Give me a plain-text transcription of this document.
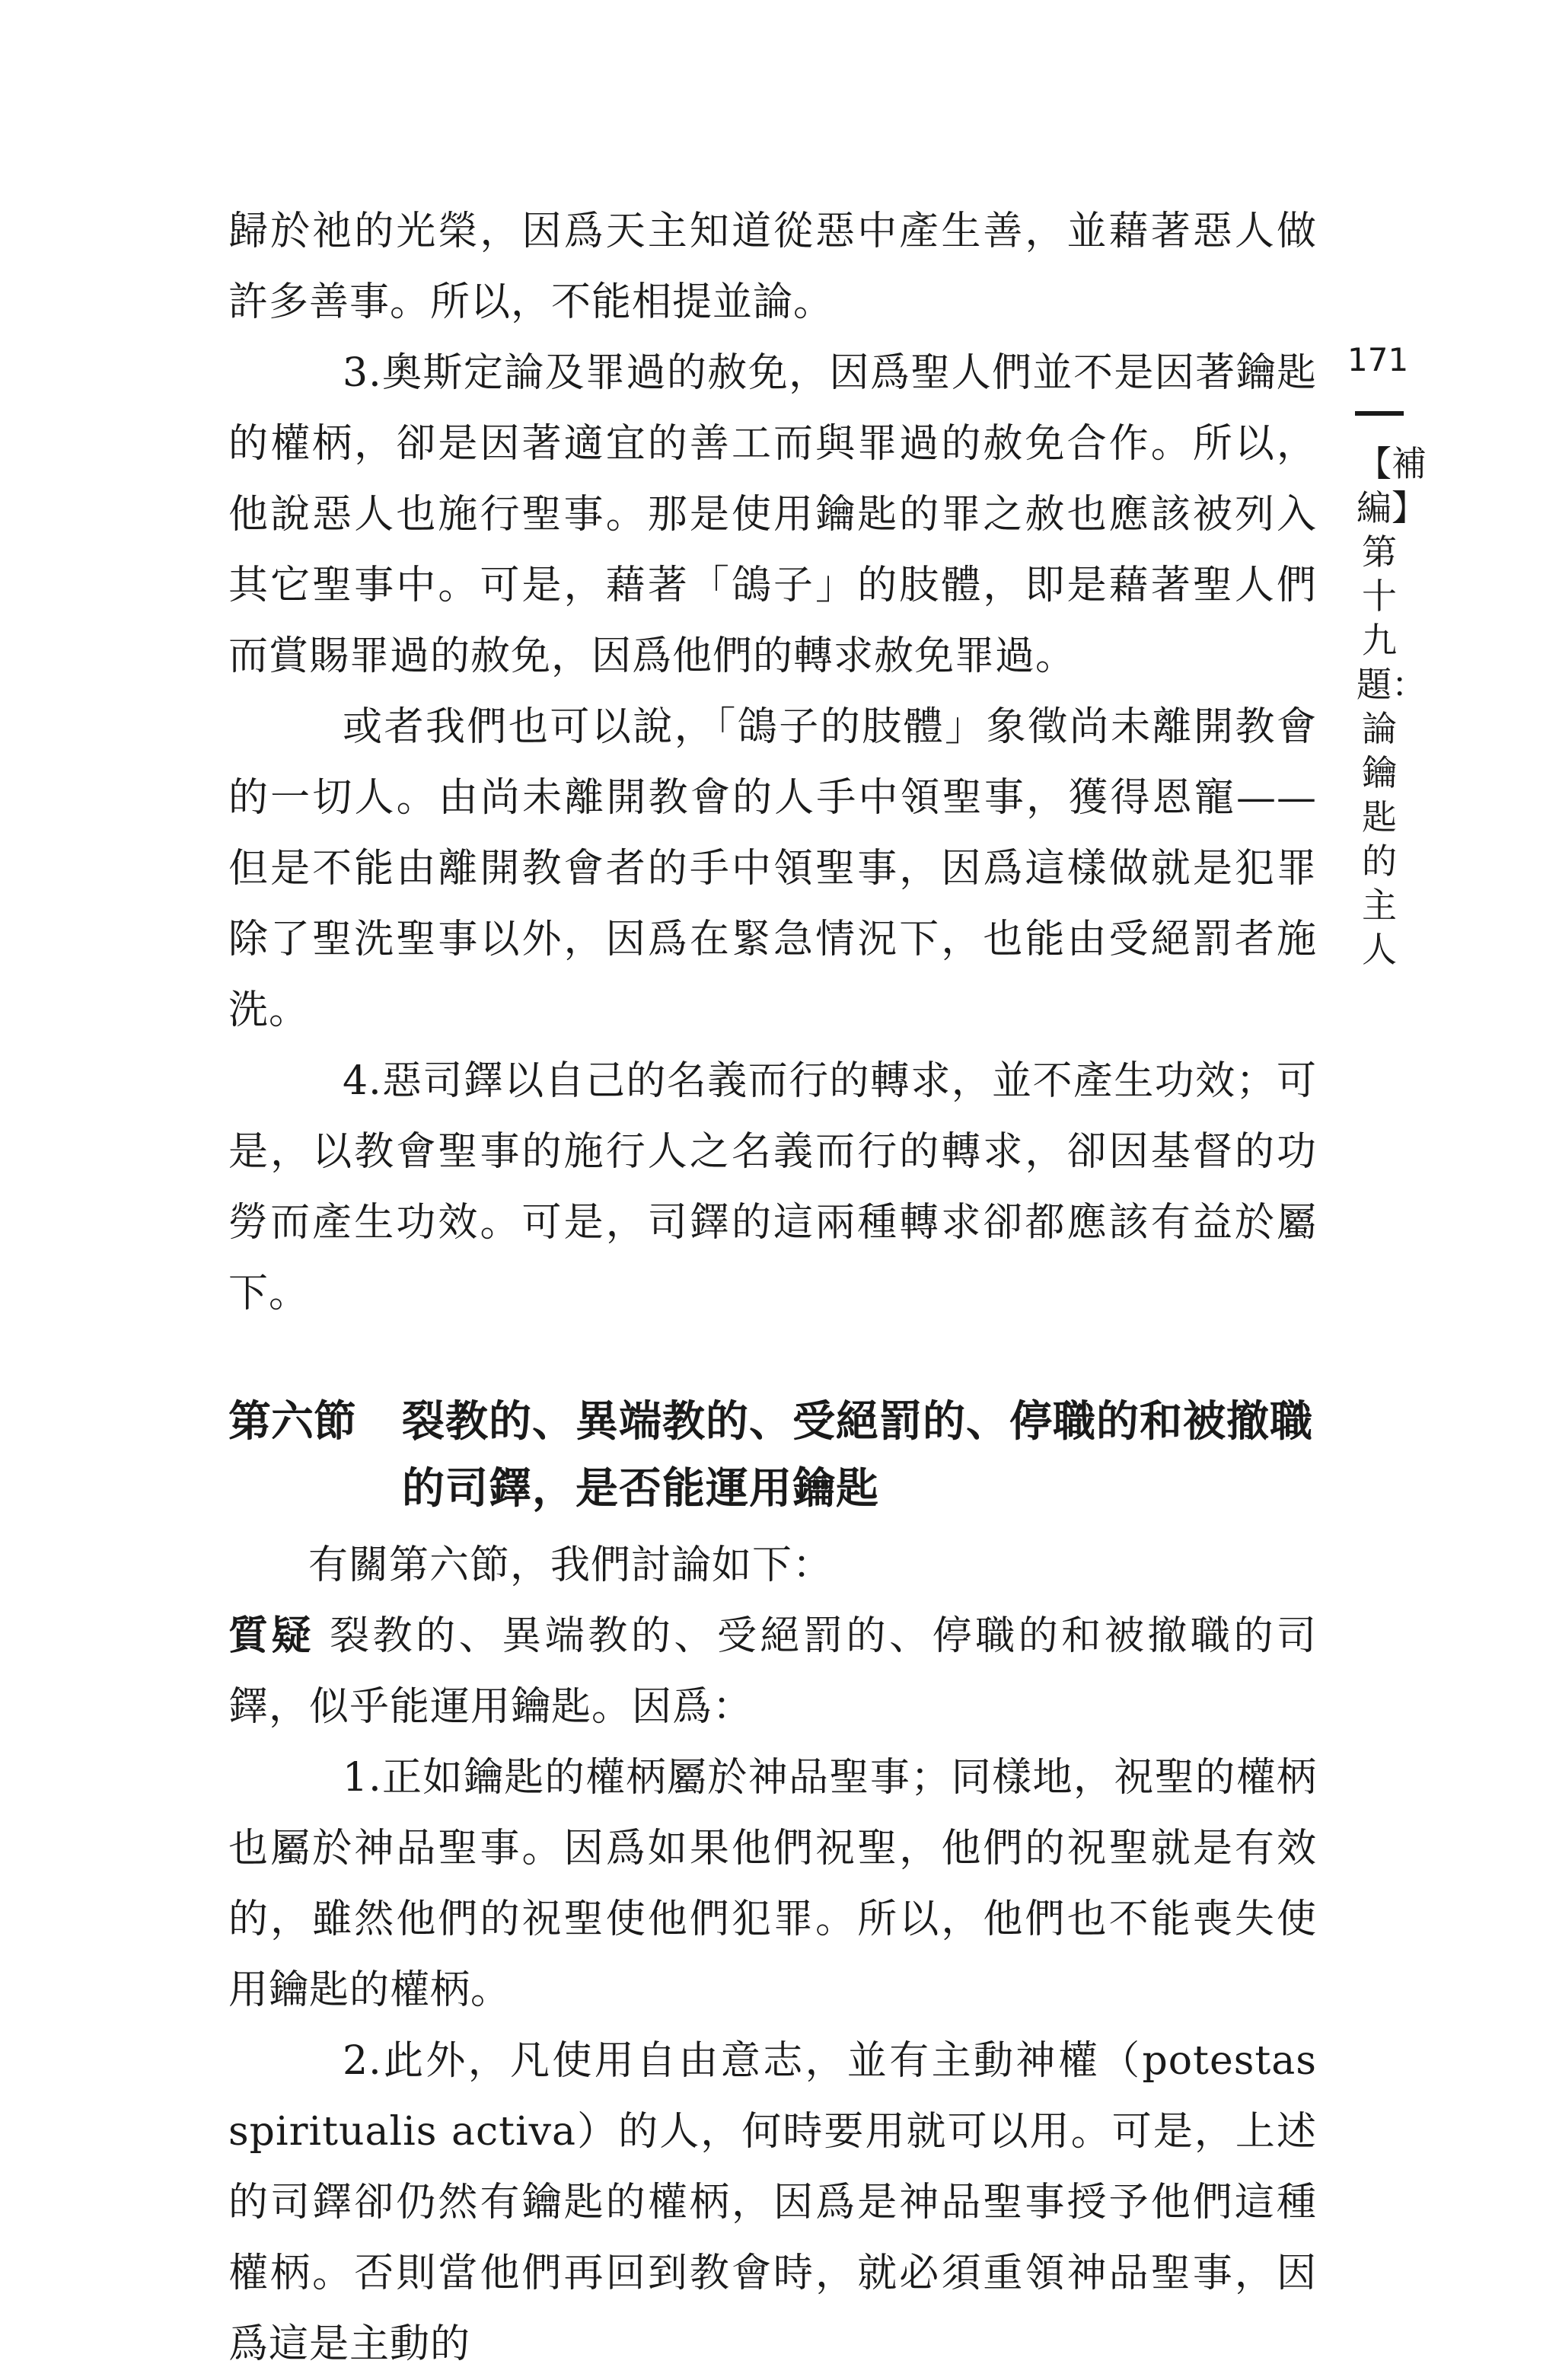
歸於祂的光榮，因爲天主知道從惡中產生善，並藉著惡人做許多善事。所以，不能相提並論。

3.奧斯定論及罪過的赦免，因爲聖人們並不是因著鑰匙的權柄，卻是因著適宜的善工而與罪過的赦免合作。所以，他說惡人也施行聖事。那是使用鑰匙的罪之赦也應該被列入其它聖事中。可是，藉著「鴿子」的肢體，即是藉著聖人們而賞賜罪過的赦免，因爲他們的轉求赦免罪過。

或者我們也可以說，「鴿子的肢體」象徵尚未離開教會的一切人。由尚未離開教會的人手中領聖事，獲得恩寵——但是不能由離開教會者的手中領聖事，因爲這樣做就是犯罪除了聖洗聖事以外，因爲在緊急情況下，也能由受絕罰者施洗。

4.惡司鐸以自己的名義而行的轉求，並不產生功效；可是，以教會聖事的施行人之名義而行的轉求，卻因基督的功勞而產生功效。可是，司鐸的這兩種轉求卻都應該有益於屬下。

第六節	裂教的、異端教的、受絕罰的、停職的和被撤職的司鐸，是否能運用鑰匙

有關第六節，我們討論如下：

質疑 裂教的、異端教的、受絕罰的、停職的和被撤職的司鐸，似乎能運用鑰匙。因爲：

1.正如鑰匙的權柄屬於神品聖事；同樣地，祝聖的權柄也屬於神品聖事。因爲如果他們祝聖，他們的祝聖就是有效的，雖然他們的祝聖使他們犯罪。所以，他們也不能喪失使用鑰匙的權柄。

2.此外，凡使用自由意志，並有主動神權（potestas spiritualis activa）的人，何時要用就可以用。可是，上述的司鐸卻仍然有鑰匙的權柄，因爲是神品聖事授予他們這種權柄。否則當他們再回到教會時，就必須重領神品聖事，因爲這是主動的

171
【補編】第十九題：論鑰匙的主人
